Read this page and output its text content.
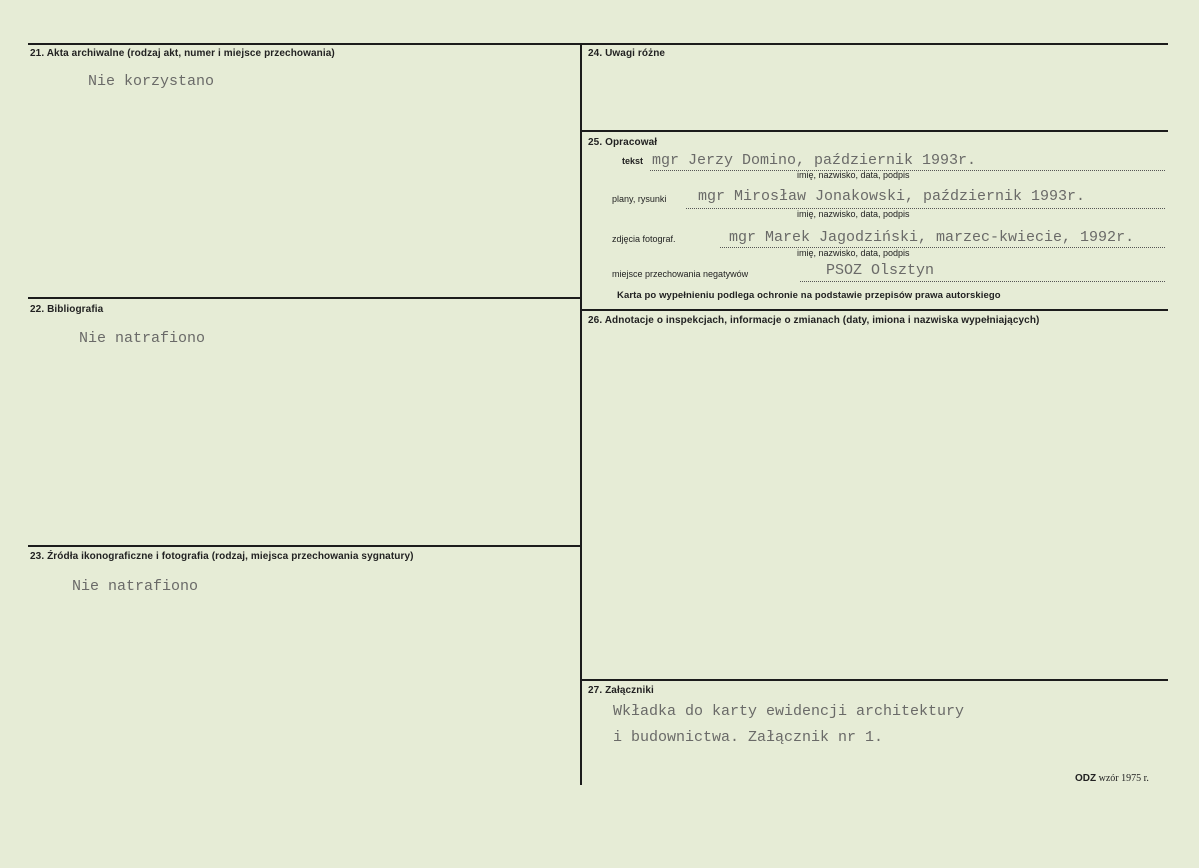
21. Akta archiwalne (rodzaj akt, numer i miejsce przechowania)
Nie korzystano
22. Bibliografia
Nie natrafiono
23. Źródła ikonograficzne i fotografia (rodzaj, miejsca przechowania sygnatury)
Nie natrafiono
24. Uwagi różne
25. Opracował
tekst mgr Jerzy Domino, październik 1993r.
imię, nazwisko, data, podpis
plany, rysunki mgr Mirosław Jonakowski, październik 1993r.
imię, nazwisko, data, podpis
zdjęcia fotograf.	mgr Marek Jagodziński, marzec-kwiecie, 1992r.
imię, nazwisko, data, podpis
miejsce przechowania negatywów	PSOZ Olsztyn
Karta po wypełnieniu podlega ochronie na podstawie przepisów prawa autorskiego
26. Adnotacje o inspekcjach, informacje o zmianach (daty, imiona i nazwiska wypełniających)
27. Załączniki
Wkładka do karty ewidencji architektury
i budownictwa. Załącznik nr 1.
ODZ wzór 1975 r.
